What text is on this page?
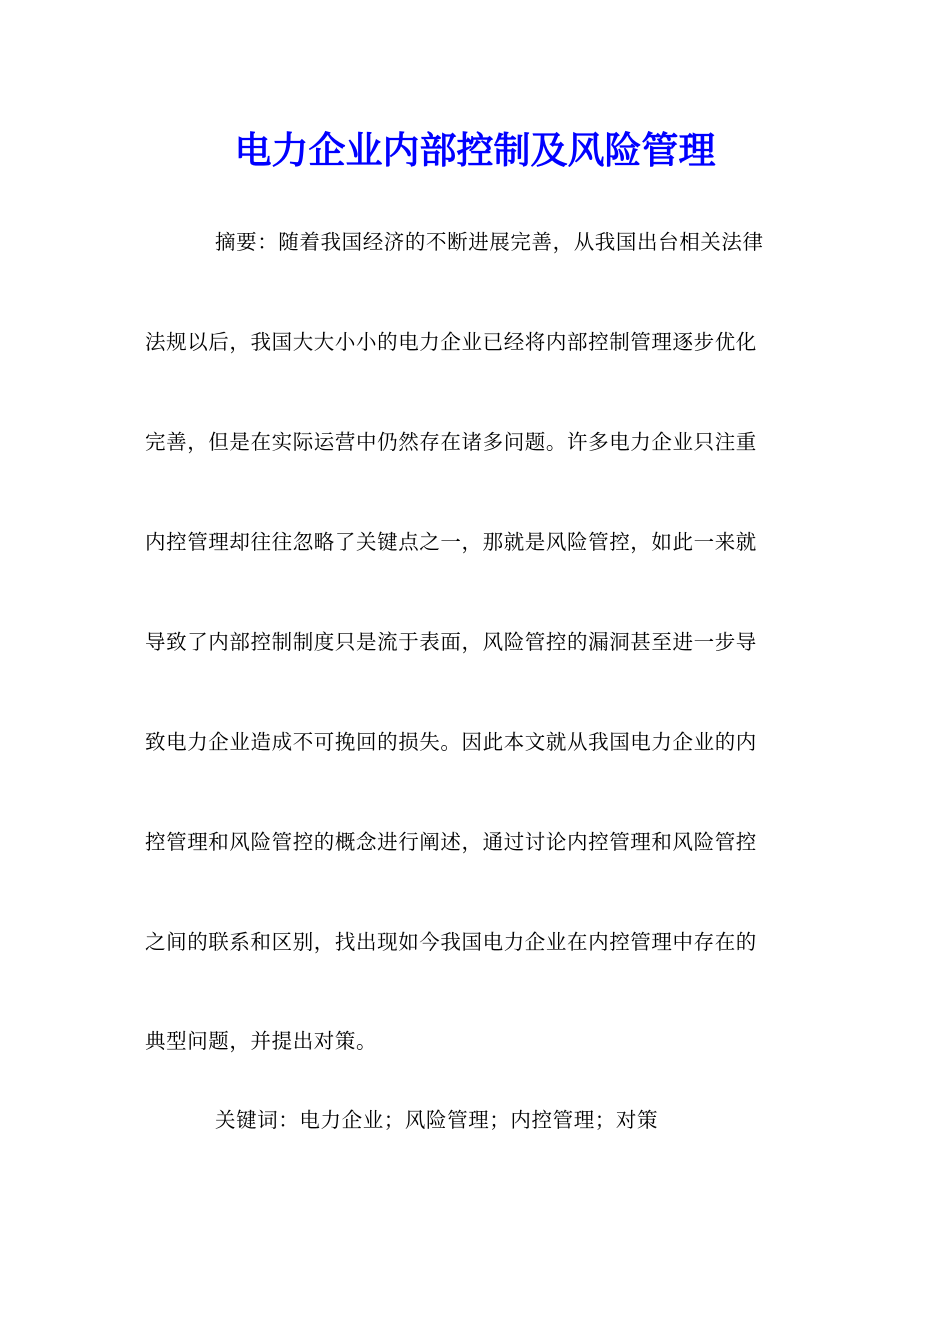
电力企业内部控制及风险管理
摘要：随着我国经济的不断进展完善，从我国出台相关法律
法规以后，我国大大小小的电力企业已经将内部控制管理逐步优化
完善，但是在实际运营中仍然存在诸多问题。许多电力企业只注重
内控管理却往往忽略了关键点之一，那就是风险管控，如此一来就
导致了内部控制制度只是流于表面，风险管控的漏洞甚至进一步导
致电力企业造成不可挽回的损失。因此本文就从我国电力企业的内
控管理和风险管控的概念进行阐述，通过讨论内控管理和风险管控
之间的联系和区别，找出现如今我国电力企业在内控管理中存在的
典型问题，并提出对策。
关键词：电力企业；风险管理；内控管理；对策
